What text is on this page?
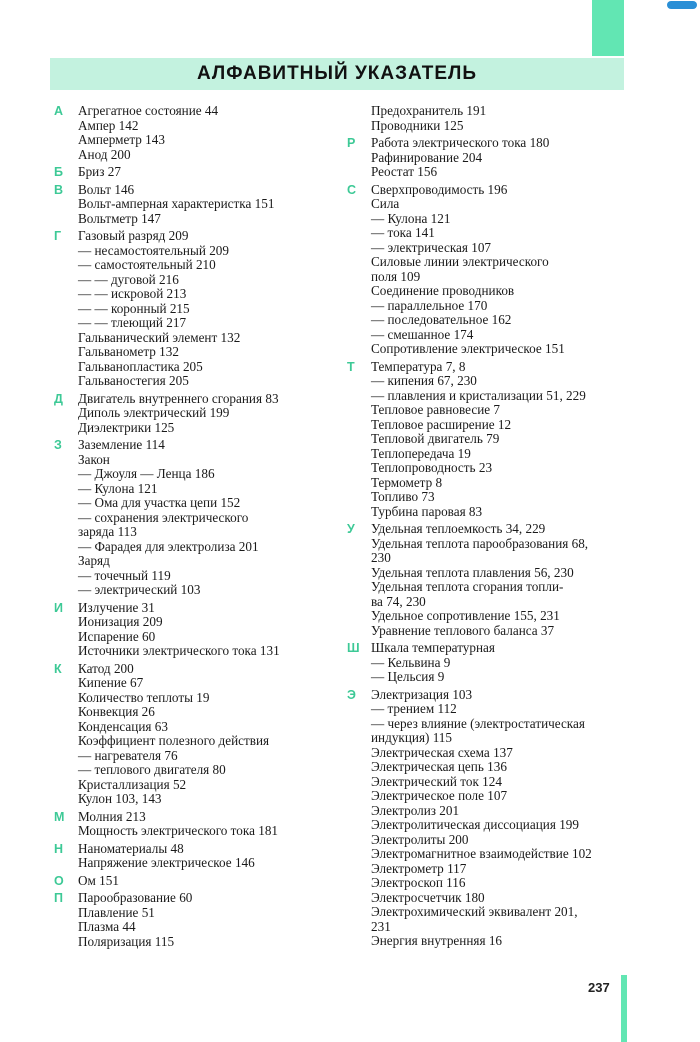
АЛФАВИТНЫЙ УКАЗАТЕЛЬ
А	Агрегатное состояние 44
Ампер 142
Амперметр 143
Анод 200
Б	Бриз 27
В	Вольт 146
Вольт-амперная характеристка 151
Вольтметр 147
Г	Газовый разряд 209
— несамостоятельный 209
— самостоятельный 210
— — дуговой 216
— — искровой 213
— — коронный 215
— — тлеющий 217
Гальванический элемент 132
Гальванометр 132
Гальванопластика 205
Гальваностегия 205
Д	Двигатель внутреннего сгорания 83
Диполь электрический 199
Диэлектрики 125
З	Заземление 114
Закон
— Джоуля — Ленца 186
— Кулона 121
— Ома для участка цепи 152
— сохранения электрического
заряда 113
— Фарадея для электролиза 201
Заряд
— точечный 119
— электрический 103
И	Излучение 31
Ионизация 209
Испарение 60
Источники электрического тока 131
К	Катод 200
Кипение 67
Количество теплоты 19
Конвекция 26
Конденсация 63
Коэффициент полезного действия
— нагревателя 76
— теплового двигателя 80
Кристаллизация 52
Кулон 103, 143
М	Молния 213
Мощность электрического тока 181
Н	Наноматериалы 48
Напряжение электрическое 146
О	Ом 151
П	Парообразование 60
Плавление 51
Плазма 44
Поляризация 115
Предохранитель 191
Проводники 125
Р	Работа электрического тока 180
Рафинирование 204
Реостат 156
С	Сверхпроводимость 196
Сила
— Кулона 121
— тока 141
— электрическая 107
Силовые линии электрического
поля 109
Соединение проводников
— параллельное 170
— последовательное 162
— смешанное 174
Сопротивление электрическое 151
Т	Температура 7, 8
— кипения 67, 230
— плавления и кристализации 51, 229
Тепловое равновесие 7
Тепловое расширение 12
Тепловой двигатель 79
Теплопередача 19
Теплопроводность 23
Термометр 8
Топливо 73
Турбина паровая 83
У	Удельная теплоемкость 34, 229
Удельная теплота парообразования 68,
230
Удельная теплота плавления 56, 230
Удельная теплота сгорания топли-
ва 74, 230
Удельное сопротивление 155, 231
Уравнение теплового баланса 37
Ш Шкала температурная
— Кельвина 9
— Цельсия 9
Э	Электризация 103
— трением 112
— через влияние (электростатическая
индукция) 115
Электрическая схема 137
Электрическая цепь 136
Электрический ток 124
Электрическое поле 107
Электролиз 201
Электролитическая диссоциация 199
Электролиты 200
Электромагнитное взаимодействие 102
Электрометр 117
Электроскоп 116
Электросчетчик 180
Электрохимический эквивалент 201,
231
Энергия внутренняя 16
237
